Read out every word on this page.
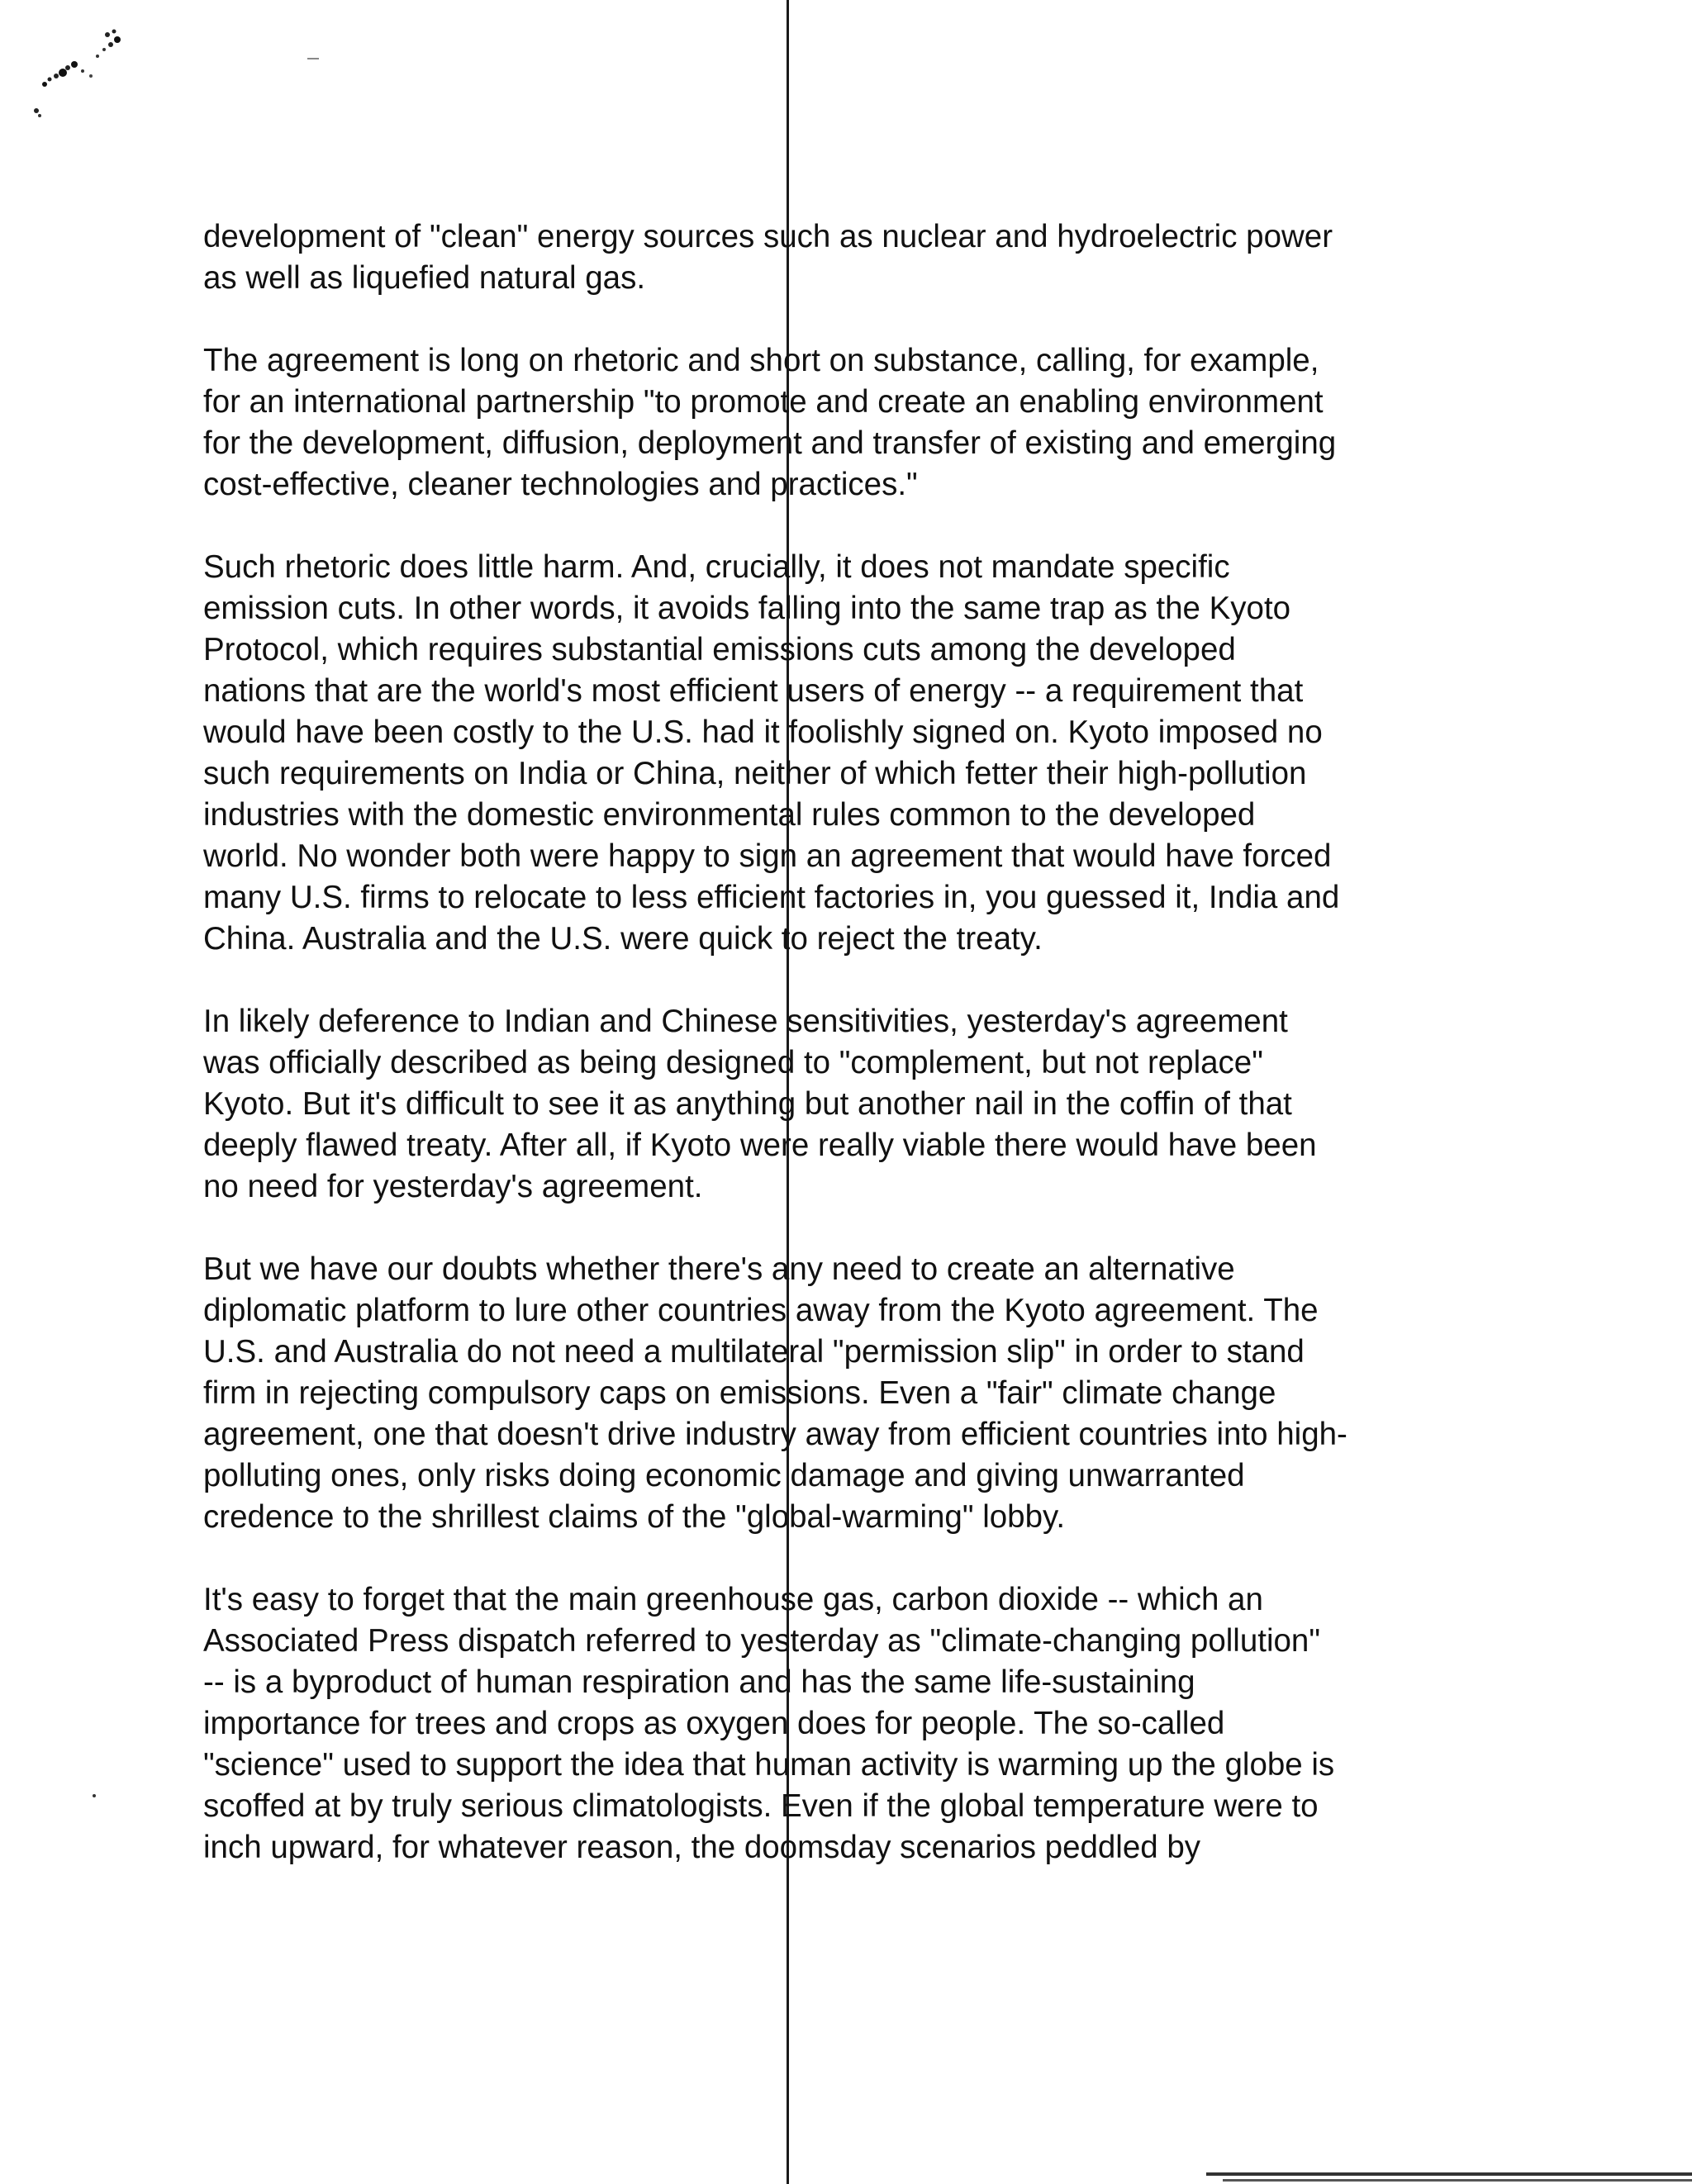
development of "clean" energy sources such as nuclear and hydroelectric power
as well as liquefied natural gas.

The agreement is long on rhetoric and short on substance, calling, for example,
for an international partnership "to promote and create an enabling environment
for the development, diffusion, deployment and transfer of existing and emerging
cost-effective, cleaner technologies and practices."

Such rhetoric does little harm. And, crucially, it does not mandate specific
emission cuts. In other words, it avoids falling into the same trap as the Kyoto
Protocol, which requires substantial emissions cuts among the developed
nations that are the world's most efficient users of energy -- a requirement that
would have been costly to the U.S. had it foolishly signed on. Kyoto imposed no
such requirements on India or China, neither of which fetter their high-pollution
industries with the domestic environmental rules common to the developed
world. No wonder both were happy to sign an agreement that would have forced
many U.S. firms to relocate to less efficient factories in, you guessed it, India and
China. Australia and the U.S. were quick to reject the treaty.

In likely deference to Indian and Chinese sensitivities, yesterday's agreement
was officially described as being designed to "complement, but not replace"
Kyoto. But it's difficult to see it as anything but another nail in the coffin of that
deeply flawed treaty. After all, if Kyoto were really viable there would have been
no need for yesterday's agreement.

But we have our doubts whether there's any need to create an alternative
diplomatic platform to lure other countries away from the Kyoto agreement. The
U.S. and Australia do not need a multilateral "permission slip" in order to stand
firm in rejecting compulsory caps on emissions. Even a "fair" climate change
agreement, one that doesn't drive industry away from efficient countries into high-
polluting ones, only risks doing economic damage and giving unwarranted
credence to the shrillest claims of the "global-warming" lobby.

It's easy to forget that the main greenhouse gas, carbon dioxide -- which an
Associated Press dispatch referred to yesterday as "climate-changing pollution"
-- is a byproduct of human respiration and has the same life-sustaining
importance for trees and crops as oxygen does for people. The so-called
"science" used to support the idea that human activity is warming up the globe is
scoffed at by truly serious climatologists. Even if the global temperature were to
inch upward, for whatever reason, the doomsday scenarios peddled by
